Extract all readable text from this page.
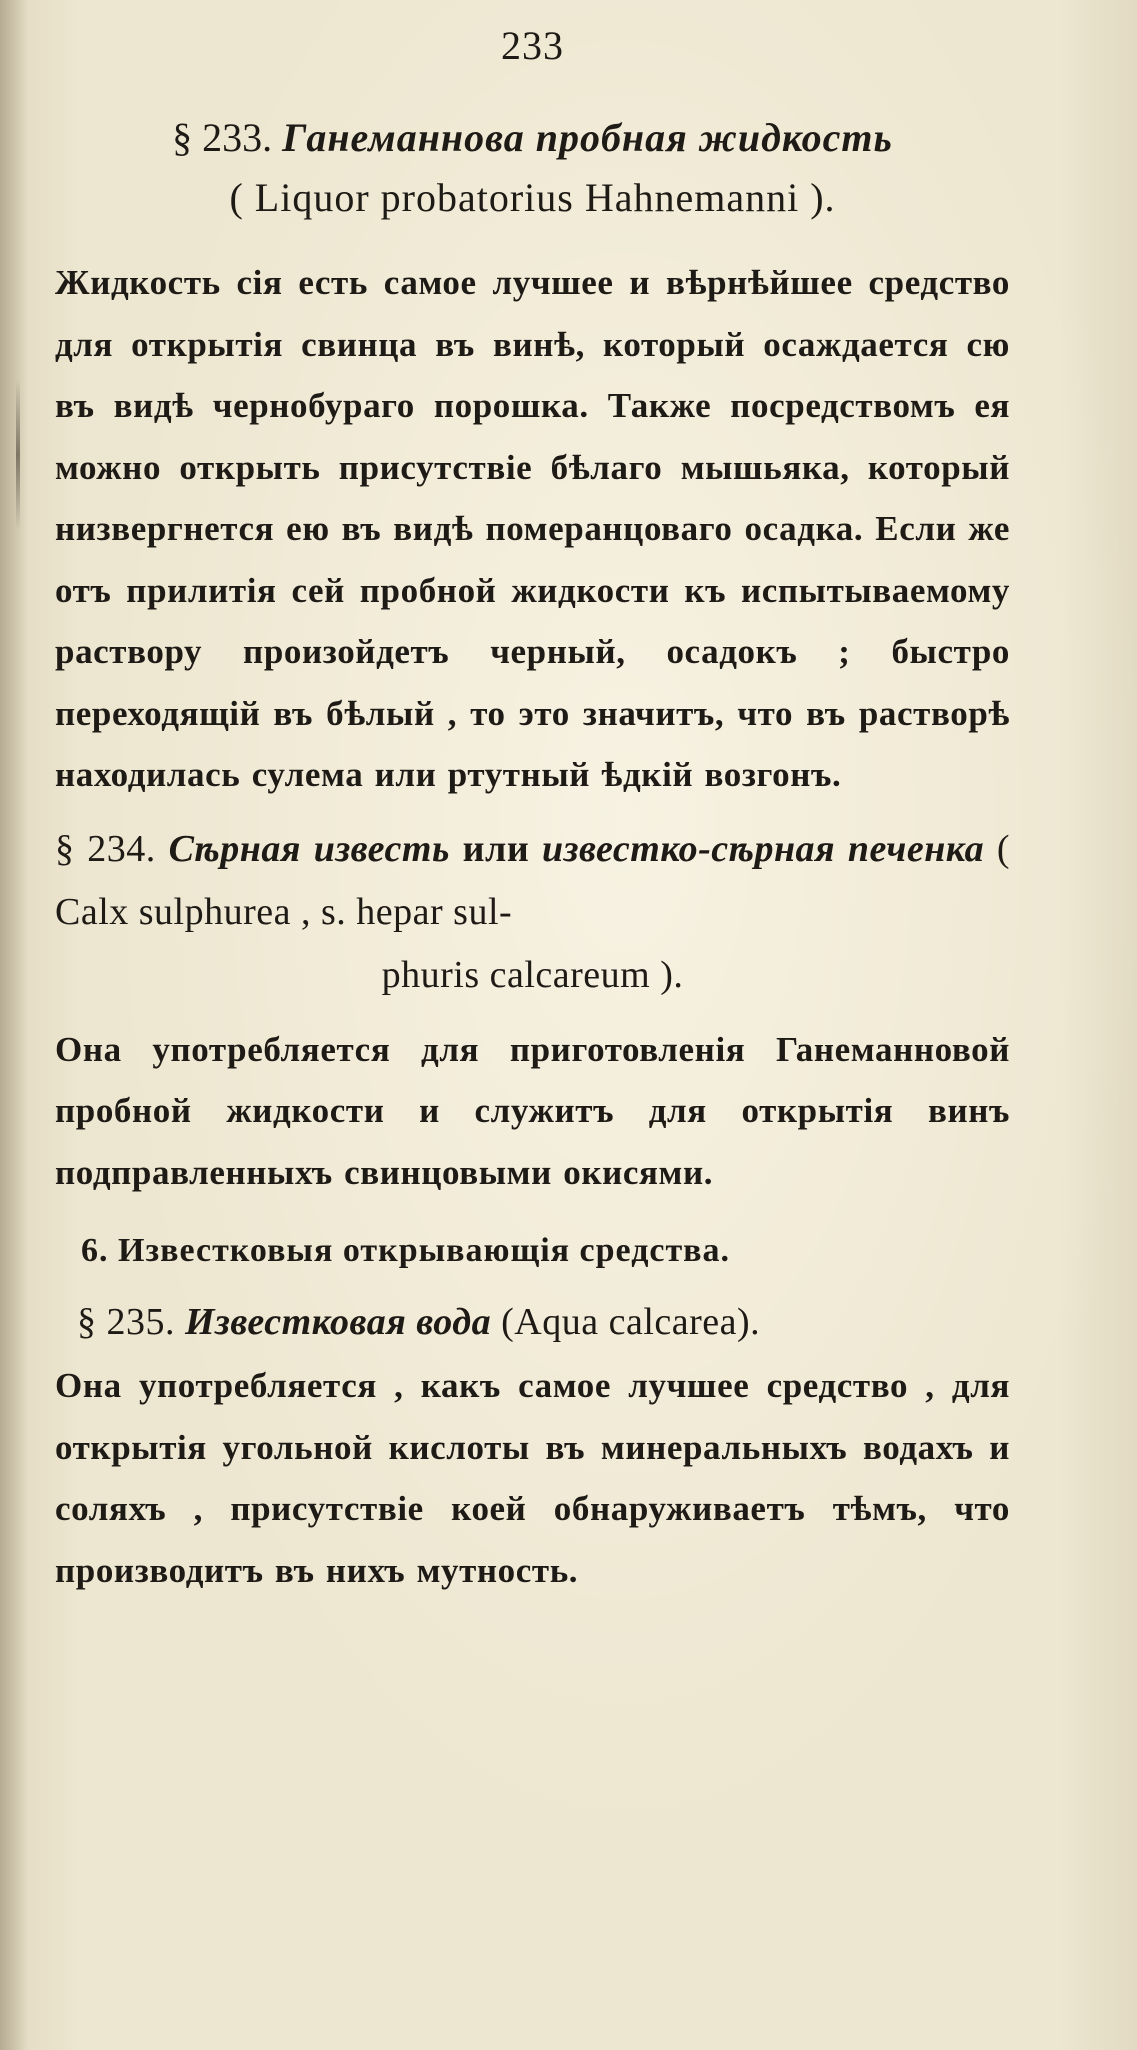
233
§ 233. Ганеманнова пробная жидкость
( Liquor probatorius Hahnemanni ).

Жидкость сія есть самое лучшее и вѣрнѣйшее средство для открытія свинца въ винѣ, который осаждается сю въ видѣ чернобураго порошка. Также посредствомъ ея можно открыть присутствіе бѣлаго мышьяка, который низвергнется ею въ видѣ померанцоваго осадка. Если же отъ прилитія сей пробной жидкости къ испытываемому раствору произойдетъ черный, осадокъ ; быстро переходящій въ бѣлый , то это значитъ, что въ растворѣ находилась сулема или ртутный ѣдкій возгонъ.

§ 234. Сѣрная известь или известко-сѣрная печенка ( Calx sulphurea , s. hepar sul-
phuris calcareum ).

Она употребляется для приготовленія Ганеманновой пробной жидкости и служитъ для открытія винъ подправленныхъ свинцовыми окисями.

6. Известковыя открывающія средства.
§ 235. Известковая вода (Aqua calcarea).

Она употребляется , какъ самое лучшее средство , для открытія угольной кислоты въ минеральныхъ водахъ и соляхъ , присутствіе коей обнаруживаетъ тѣмъ, что производитъ въ нихъ мутность.
